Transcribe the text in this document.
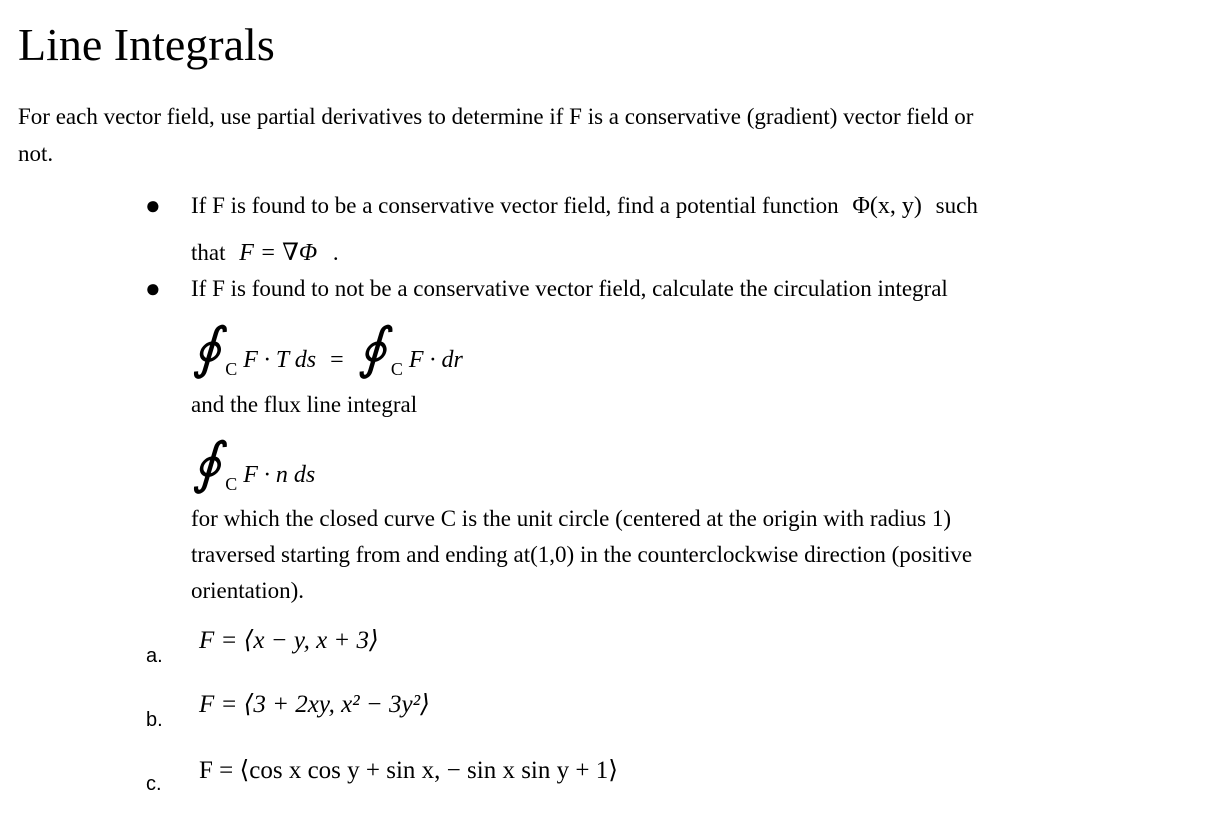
Line Integrals
For each vector field, use partial derivatives to determine if F is a conservative (gradient) vector field or
not.
● If F is found to be a conservative vector field, find a potential function Φ(x, y) such
that F = ∇Φ .
● If F is found to not be a conservative vector field, calculate the circulation integral
∮ C F · T ds = ∮ C F · dr
and the flux line integral
∮ C F · n ds
for which the closed curve C is the unit circle (centered at the origin with radius 1)
traversed starting from and ending at(1,0) in the counterclockwise direction (positive
orientation).
a.
F = ⟨x − y, x + 3⟩
b.
F = ⟨3 + 2xy, x² − 3y²⟩
c. F = ⟨cos x cos y + sin x, − sin x sin y + 1⟩
